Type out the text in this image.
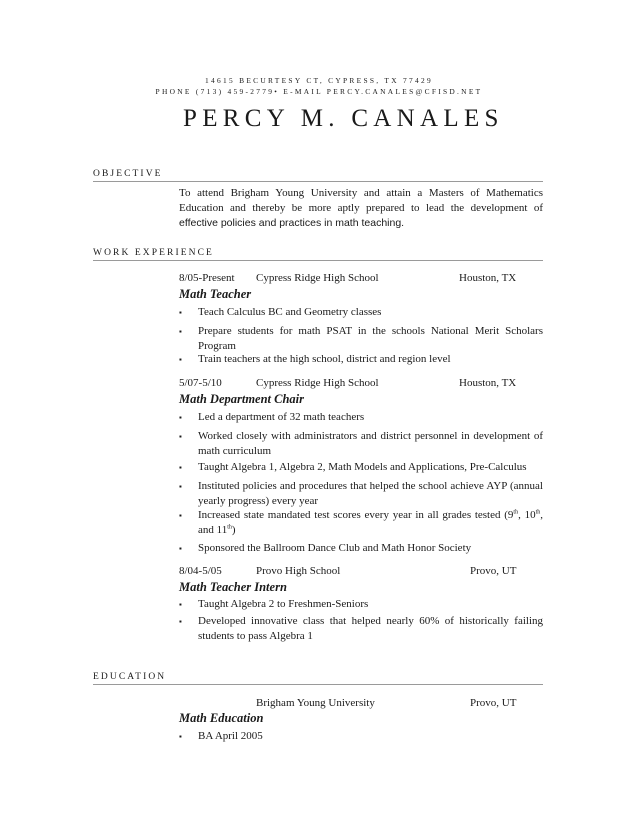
14615 BECURTESY CT, CYPRESS, TX 77429
PHONE (713) 459-2779• E-MAIL PERCY.CANALES@CFISD.NET
PERCY M. CANALES
OBJECTIVE
To attend Brigham Young University and attain a Masters of Mathematics Education and thereby be more aptly prepared to lead the development of effective policies and practices in math teaching.
WORK EXPERIENCE
8/05-Present Cypress Ridge High School	Houston, TX
Math Teacher
▪	Teach Calculus BC and Geometry classes
▪	Prepare students for math PSAT in the schools National Merit Scholars Program
▪	Train teachers at the high school, district and region level
5/07-5/10	Cypress Ridge High School	Houston, TX
Math Department Chair
▪	Led a department of 32 math teachers
▪	Worked closely with administrators and district personnel in development of math curriculum
▪	Taught Algebra 1, Algebra 2, Math Models and Applications, Pre-Calculus
▪	Instituted policies and procedures that helped the school achieve AYP (annual yearly progress) every year
▪	Increased state mandated test scores every year in all grades tested (9th, 10th, and 11th)
▪	Sponsored the Ballroom Dance Club and Math Honor Society
8/04-5/05	Provo High School	Provo, UT
Math Teacher Intern
▪	Taught Algebra 2 to Freshmen-Seniors
▪	Developed innovative class that helped nearly 60% of historically failing students to pass Algebra 1
EDUCATION
Brigham Young University	Provo, UT
Math Education
▪	BA April 2005
